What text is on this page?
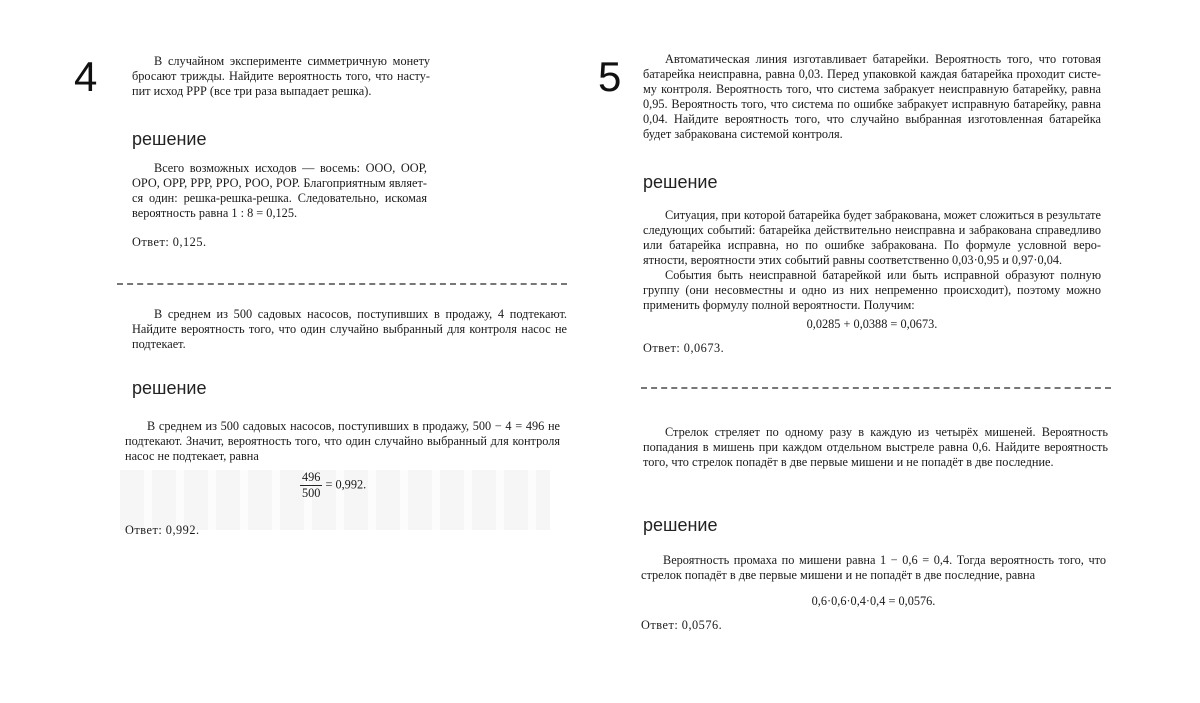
4	В случайном эксперименте симметричную монету бросают трижды. Найдите вероятность того, что наступит исход РРР (все три раза выпадает решка).

решение

Всего возможных исходов — восемь: ООО, ООР, ОРО, ОРР, РРР, РРО, РОО, РОР. Благоприятным является один: решка-решка-решка. Следовательно, искомая вероятность равна 1 : 8 = 0,125.

Ответ: 0,125.

В среднем из 500 садовых насосов, поступивших в продажу, 4 подтекают. Найдите вероятность того, что один случайно выбранный для контроля насос не подтекает.

решение

В среднем из 500 садовых насосов, поступивших в продажу, 500 − 4 = 496 не подтекают. Значит, вероятность того, что один случайно выбранный для контроля насос не подтекает, равна

$\frac{496}{500} = 0,992$.
Ответ: 0,992.
5	Автоматическая линия изготавливает батарейки. Вероятность того, что готовая батарейка неисправна, равна 0,03. Перед упаковкой каждая батарейка проходит систему контроля. Вероятность того, что система забракует неисправную батарейку, равна 0,95. Вероятность того, что система по ошибке забракует исправную батарейку, равна 0,04. Найдите вероятность того, что случайно выбранная изготовленная батарейка будет забракована системой контроля.

решение

Ситуация, при которой батарейка будет забракована, может сложиться в результате следующих событий: батарейка действительно неисправна и забракована справедливо или батарейка исправна, но по ошибке забракована. По формуле условной вероятности, вероятности этих событий равны соответственно 0,03·0,95 и 0,97·0,04.

События быть неисправной батарейкой или быть исправной образуют полную группу (они несовместны и одно из них непременно происходит), поэтому можно применить формулу полной вероятности. Получим:

0,0285 + 0,0388 = 0,0673.
Ответ: 0,0673.

Стрелок стреляет по одному разу в каждую из четырёх мишеней. Вероятность попадания в мишень при каждом отдельном выстреле равна 0,6. Найдите вероятность того, что стрелок попадёт в две первые мишени и не попадёт в две последние.

решение

Вероятность промаха по мишени равна 1 − 0,6 = 0,4. Тогда вероятность того, что стрелок попадёт в две первые мишени и не попадёт в две последние, равна

0,6·0,6·0,4·0,4 = 0,0576.
Ответ: 0,0576.
